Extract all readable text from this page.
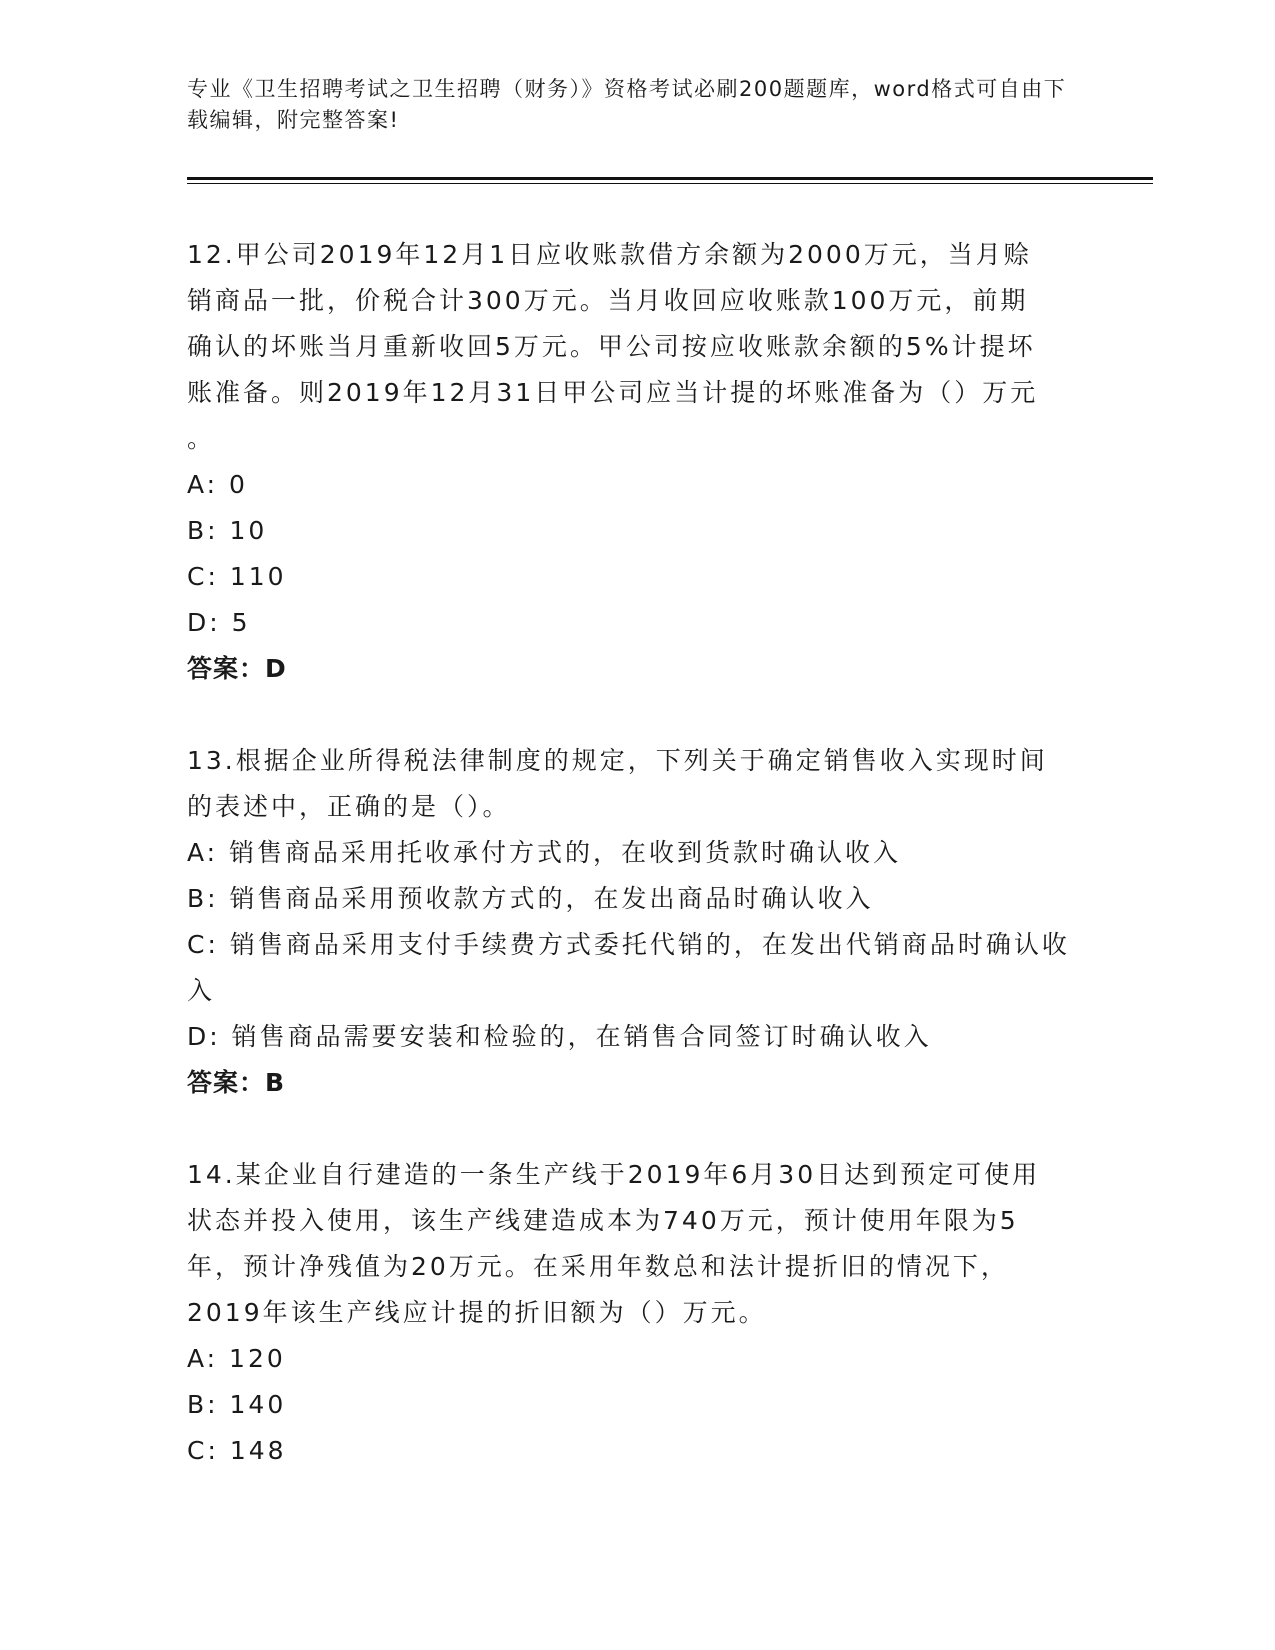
专业《卫生招聘考试之卫生招聘（财务）》资格考试必刷200题题库，word格式可自由下载编辑，附完整答案!

12.甲公司2019年12月1日应收账款借方余额为2000万元，当月赊
销商品一批，价税合计300万元。当月收回应收账款100万元，前期
确认的坏账当月重新收回5万元。甲公司按应收账款余额的5%计提坏
账准备。则2019年12月31日甲公司应当计提的坏账准备为（）万元
。

A: 0

B: 10

C: 110

D: 5

答案：D

13.根据企业所得税法律制度的规定，下列关于确定销售收入实现时间
的表述中，正确的是（）。

A: 销售商品采用托收承付方式的，在收到货款时确认收入

B: 销售商品采用预收款方式的，在发出商品时确认收入

C: 销售商品采用支付手续费方式委托代销的，在发出代销商品时确认收入

D: 销售商品需要安装和检验的，在销售合同签订时确认收入

答案：B

14.某企业自行建造的一条生产线于2019年6月30日达到预定可使用
状态并投入使用，该生产线建造成本为740万元，预计使用年限为5
年，预计净残值为20万元。在采用年数总和法计提折旧的情况下，
2019年该生产线应计提的折旧额为（）万元。

A: 120

B: 140

C: 148
